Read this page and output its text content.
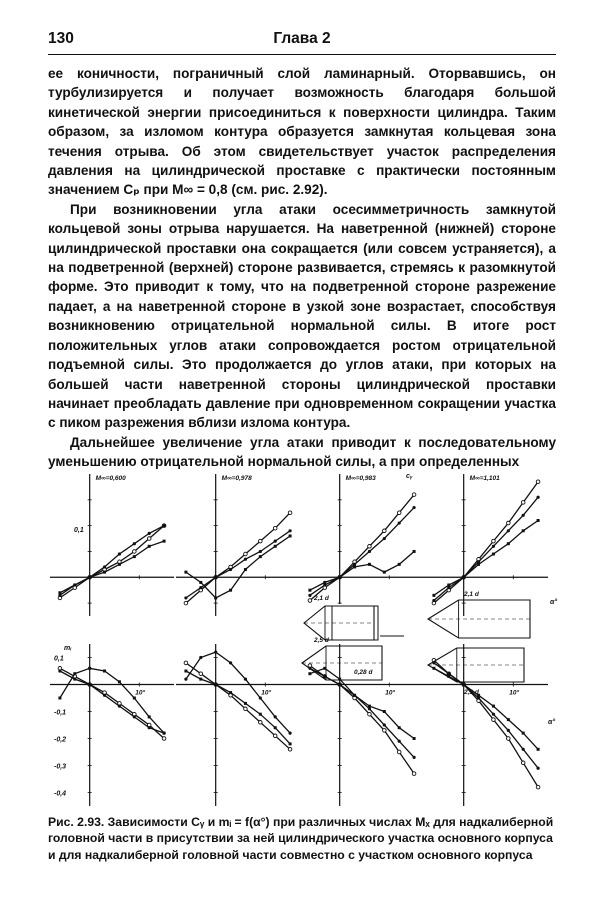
130	Глава 2

ее коничности, пограничный слой ламинарный. Оторвавшись, он турбулизируется и получает возможность благодаря большой кинетической энергии присоединиться к поверхности цилиндра. Таким образом, за изломом контура образуется замкнутая кольцевая зона течения отрыва. Об этом свидетельствует участок распределения давления на цилиндрической проставке с практически постоянным значением Cₚ при M∞ = 0,8 (см. рис. 2.92).

При возникновении угла атаки осесимметричность замкнутой кольцевой зоны отрыва нарушается. На наветренной (нижней) стороне цилиндрической проставки она сокращается (или совсем устраняется), а на подветренной (верхней) стороне развивается, стремясь к разомкнутой форме. Это приводит к тому, что на подветренной стороне разрежение падает, а на наветренной стороне в узкой зоне возрастает, способствуя возникновению отрицательной нормальной силы. В итоге рост положительных углов атаки сопровождается ростом отрицательной подъемной силы. Это продолжается до углов атаки, при которых на большей части наветренной стороны цилиндрической проставки начинает преобладать давление при одновременном сокращении участка с пиком разрежения вблизи излома контура.

Дальнейшее увеличение угла атаки приводит к последовательному уменьшению отрицательной нормальной силы, а при определенных

M∞=0,600	M∞=0,978	M∞=0,983	M∞=1,101
10°	10°	10°	10°
cᵧ
mᵢ
0,1
α°
α°
0,1
-0,1
-0,2
-0,3
-0,4
2,1 d
2,1 d
2,5 d
0,28 d
2,3 d
Рис. 2.93. Зависимости Cᵧ и mᵢ = f(α°) при различных числах Mₓ для надкалиберной головной части в присутствии за ней цилиндрического участка основного корпуса и для надкалиберной головной части совместно с участком основного корпуса
